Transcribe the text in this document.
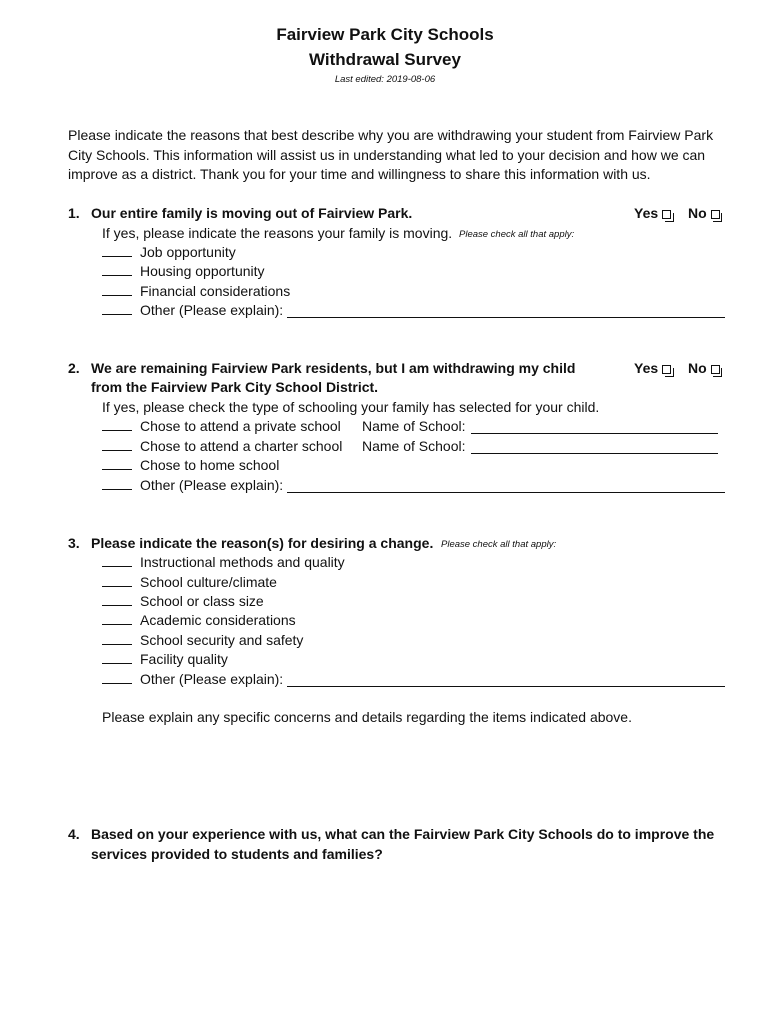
Fairview Park City Schools
Withdrawal Survey
Last edited: 2019-08-06
Please indicate the reasons that best describe why you are withdrawing your student from Fairview Park City Schools. This information will assist us in understanding what led to your decision and how we can improve as a district. Thank you for your time and willingness to share this information with us.
1. Our entire family is moving out of Fairview Park.	Yes	No
If yes, please indicate the reasons your family is moving. Please check all that apply:
Job opportunity
Housing opportunity
Financial considerations
Other (Please explain):
2. We are remaining Fairview Park residents, but I am withdrawing my child
from the Fairview Park City School District.
Yes	No
If yes, please check the type of schooling your family has selected for your child.
Chose to attend a private school Name of School:
Chose to attend a charter school Name of School:
Chose to home school
Other (Please explain):
3. Please indicate the reason(s) for desiring a change. Please check all that apply:
Instructional methods and quality
School culture/climate
School or class size
Academic considerations
School security and safety
Facility quality
Other (Please explain):
Please explain any specific concerns and details regarding the items indicated above.
4. Based on your experience with us, what can the Fairview Park City Schools do to improve the
services provided to students and families?
